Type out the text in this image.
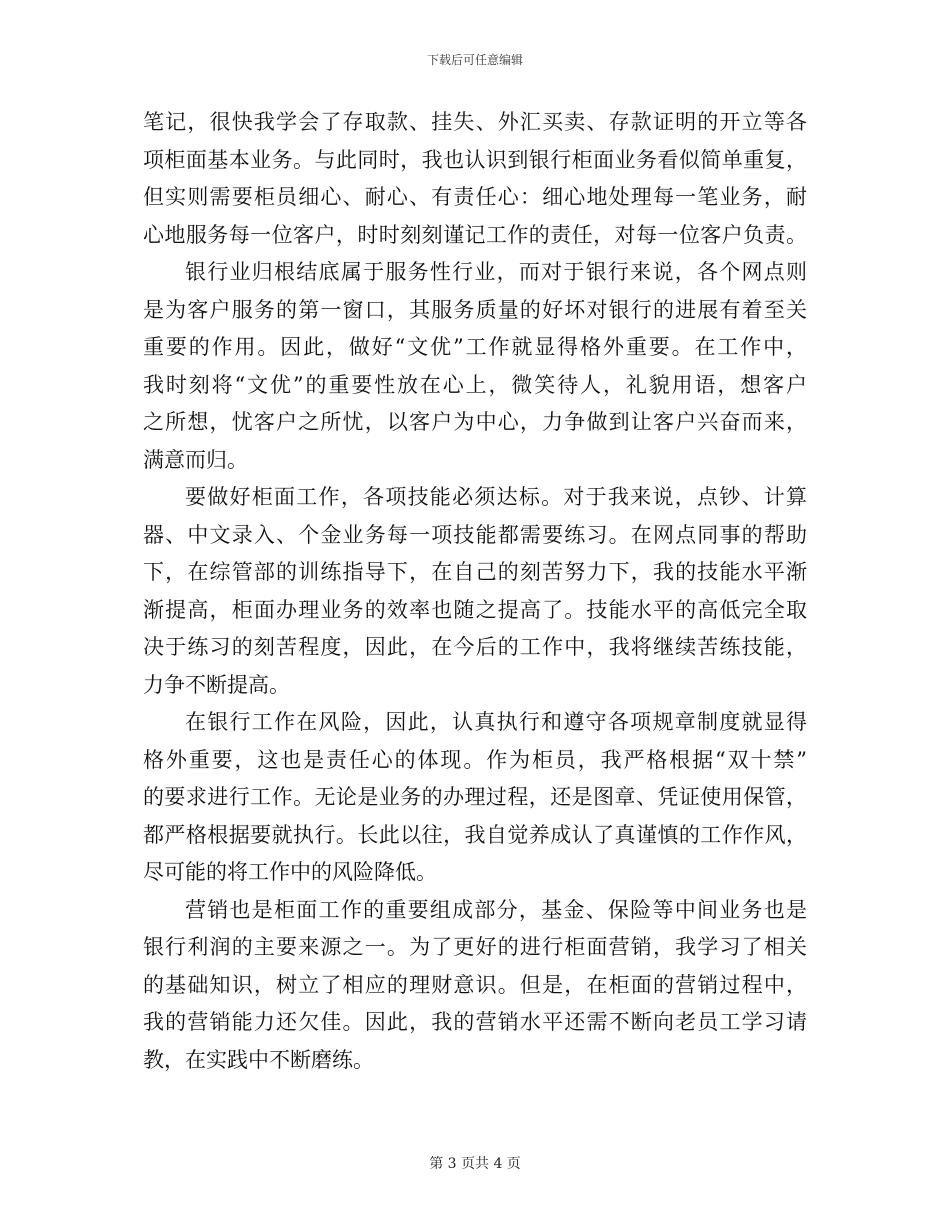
下载后可任意编辑
笔记，很快我学会了存取款、挂失、外汇买卖、存款证明的开立等各
项柜面基本业务。与此同时，我也认识到银行柜面业务看似简单重复，
但实则需要柜员细心、耐心、有责任心：细心地处理每一笔业务，耐
心地服务每一位客户，时时刻刻谨记工作的责任，对每一位客户负责。
银行业归根结底属于服务性行业，而对于银行来说，各个网点则
是为客户服务的第一窗口，其服务质量的好坏对银行的进展有着至关
重要的作用。因此，做好“文优”工作就显得格外重要。在工作中，
我时刻将“文优”的重要性放在心上，微笑待人，礼貌用语，想客户
之所想，忧客户之所忧，以客户为中心，力争做到让客户兴奋而来，
满意而归。
要做好柜面工作，各项技能必须达标。对于我来说，点钞、计算
器、中文录入、个金业务每一项技能都需要练习。在网点同事的帮助
下，在综管部的训练指导下，在自己的刻苦努力下，我的技能水平渐
渐提高，柜面办理业务的效率也随之提高了。技能水平的高低完全取
决于练习的刻苦程度，因此，在今后的工作中，我将继续苦练技能，
力争不断提高。
在银行工作在风险，因此，认真执行和遵守各项规章制度就显得
格外重要，这也是责任心的体现。作为柜员，我严格根据“双十禁”
的要求进行工作。无论是业务的办理过程，还是图章、凭证使用保管，
都严格根据要就执行。长此以往，我自觉养成认了真谨慎的工作作风，
尽可能的将工作中的风险降低。
营销也是柜面工作的重要组成部分，基金、保险等中间业务也是
银行利润的主要来源之一。为了更好的进行柜面营销，我学习了相关
的基础知识，树立了相应的理财意识。但是，在柜面的营销过程中，
我的营销能力还欠佳。因此，我的营销水平还需不断向老员工学习请
教，在实践中不断磨练。
第 3 页共 4 页
